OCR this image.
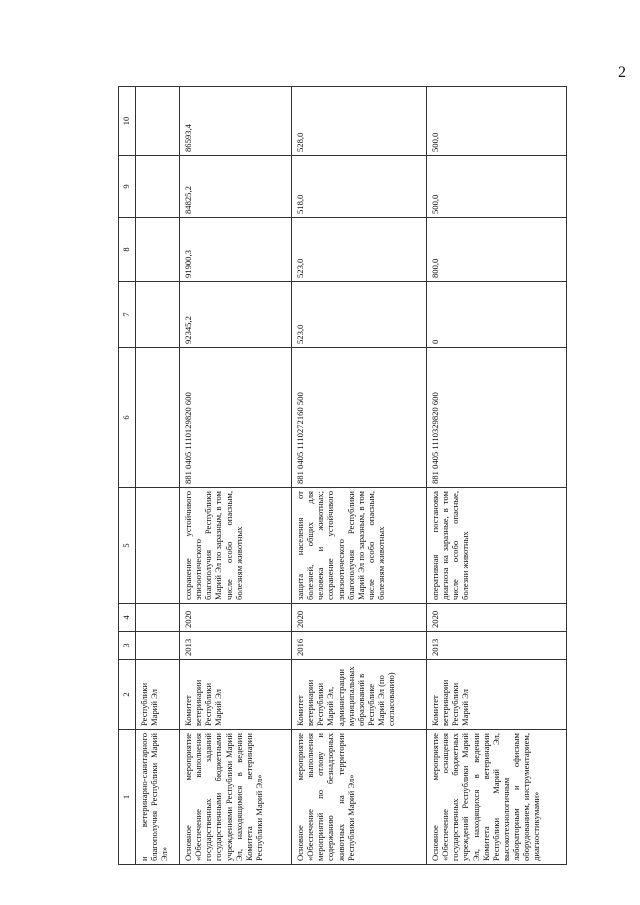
2
1	2	3	4	5	6	7	8	9	10
и ветеринарно-санитарного благополучия Республики Марий Эл»	Республики Марий Эл								
Основное мероприятие «Обеспечение выполнения государственных заданий государственными бюджетными учреждениями Республики Марий Эл, находящимися в ведении Комитета ветеринарии Республики Марий Эл»	Комитет ветеринарии Республики Марий Эл	2013	2020	сохранение устойчивого эпизоотического благополучия Республики Марий Эл по заразным, в том числе особо опасным, болезням животных	881 0405 1110129820 600	92345,2	91900,3	84825,2	86593,4
Основное мероприятие «Обеспечение выполнения мероприятий по отлову и содержанию безнадзорных животных на территории Республики Марий Эл»	Комитет ветеринарии Республики Марий Эл, администрации муниципальных образований в Республике Марий Эл (по согласованию)	2016	2020	защита населения от болезней, общих для человека и животных; сохранение устойчивого эпизоотического благополучия Республики Марий Эл по заразным, в том числе особо опасным, болезням животных	881 0405 1110272160 500	523,0	523,0	518,0	528,0
Основное мероприятие «Обеспечение оснащения государственных бюджетных учреждений Республики Марий Эл, находящихся в ведении Комитета ветеринарии Республики Марий Эл, высокотехнологичным лабораторным и офисным оборудованием, инструментарием, диагностикумами»	Комитет ветеринарии Республики Марий Эл	2013	2020	оперативная постановка диагноза на заразные, в том числе особо опасные, болезни животных	881 0405 1110329820 600	0	800,0	500,0	500,0
